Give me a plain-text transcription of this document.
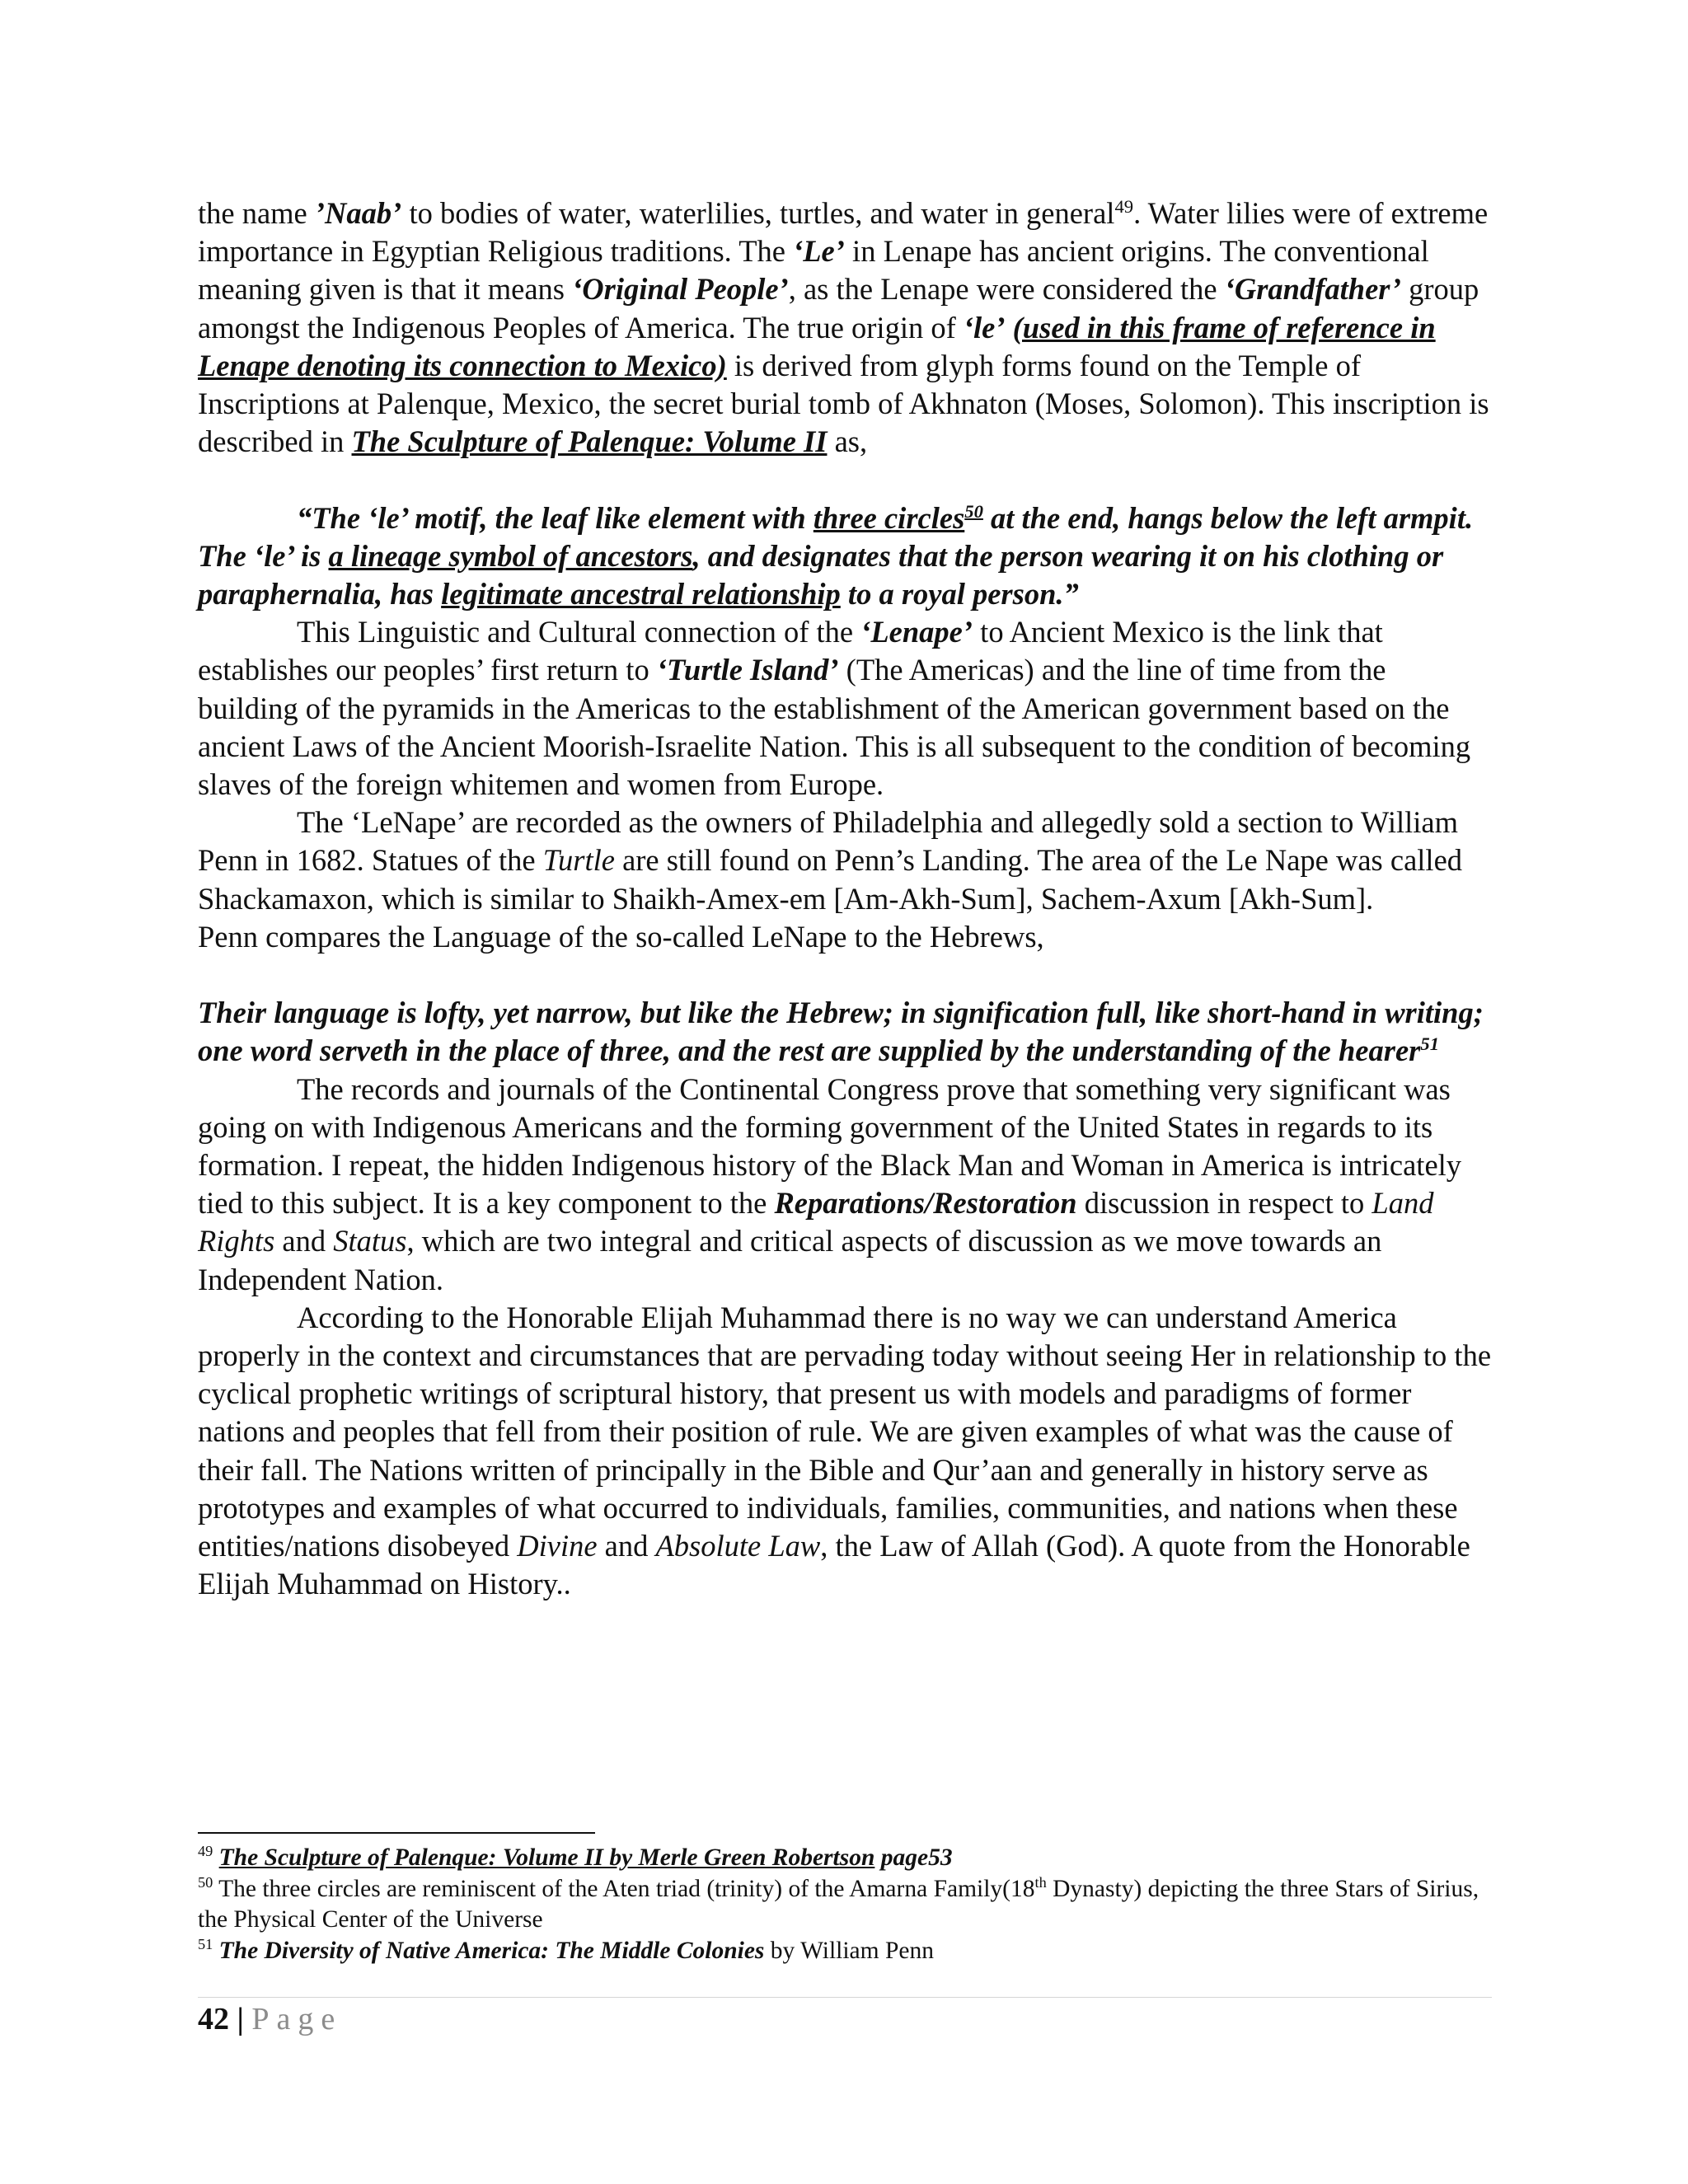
the name ’Naab’ to bodies of water, waterlilies, turtles, and water in general$^{49}$. Water lilies were of extreme importance in Egyptian Religious traditions. The ‘Le’ in Lenape has ancient origins. The conventional meaning given is that it means ‘Original People’, as the Lenape were considered the ‘Grandfather’ group amongst the Indigenous Peoples of America. The true origin of ‘le’ (used in this frame of reference in Lenape denoting its connection to Mexico) is derived from glyph forms found on the Temple of Inscriptions at Palenque, Mexico, the secret burial tomb of Akhnaton (Moses, Solomon). This inscription is described in The Sculpture of Palenque: Volume II as,

“The ‘le’ motif, the leaf like element with three circles$^{50}$ at the end, hangs below the left armpit. The ‘le’ is a lineage symbol of ancestors, and designates that the person wearing it on his clothing or paraphernalia, has legitimate ancestral relationship to a royal person.”

This Linguistic and Cultural connection of the ‘Lenape’ to Ancient Mexico is the link that establishes our peoples’ first return to ‘Turtle Island’ (The Americas) and the line of time from the building of the pyramids in the Americas to the establishment of the American government based on the ancient Laws of the Ancient Moorish-Israelite Nation. This is all subsequent to the condition of becoming slaves of the foreign whitemen and women from Europe.

The ‘LeNape’ are recorded as the owners of Philadelphia and allegedly sold a section to William Penn in 1682. Statues of the Turtle are still found on Penn’s Landing. The area of the Le Nape was called Shackamaxon, which is similar to Shaikh-Amex-em [Am-Akh-Sum], Sachem-Axum [Akh-Sum].

Penn compares the Language of the so-called LeNape to the Hebrews,

Their language is lofty, yet narrow, but like the Hebrew; in signification full, like short-hand in writing; one word serveth in the place of three, and the rest are supplied by the understanding of the hearer$^{51}$

The records and journals of the Continental Congress prove that something very significant was going on with Indigenous Americans and the forming government of the United States in regards to its formation. I repeat, the hidden Indigenous history of the Black Man and Woman in America is intricately tied to this subject. It is a key component to the Reparations/Restoration discussion in respect to Land Rights and Status, which are two integral and critical aspects of discussion as we move towards an Independent Nation.

According to the Honorable Elijah Muhammad there is no way we can understand America properly in the context and circumstances that are pervading today without seeing Her in relationship to the cyclical prophetic writings of scriptural history, that present us with models and paradigms of former nations and peoples that fell from their position of rule. We are given examples of what was the cause of their fall. The Nations written of principally in the Bible and Qur’aan and generally in history serve as prototypes and examples of what occurred to individuals, families, communities, and nations when these entities/nations disobeyed Divine and Absolute Law, the Law of Allah (God). A quote from the Honorable Elijah Muhammad on History..

$^{49}$ The Sculpture of Palenque: Volume II by Merle Green Robertson page53

$^{50}$ The three circles are reminiscent of the Aten triad (trinity) of the Amarna Family(18th Dynasty) depicting the three Stars of Sirius, the Physical Center of the Universe

$^{51}$ The Diversity of Native America: The Middle Colonies by William Penn

42 | Page
